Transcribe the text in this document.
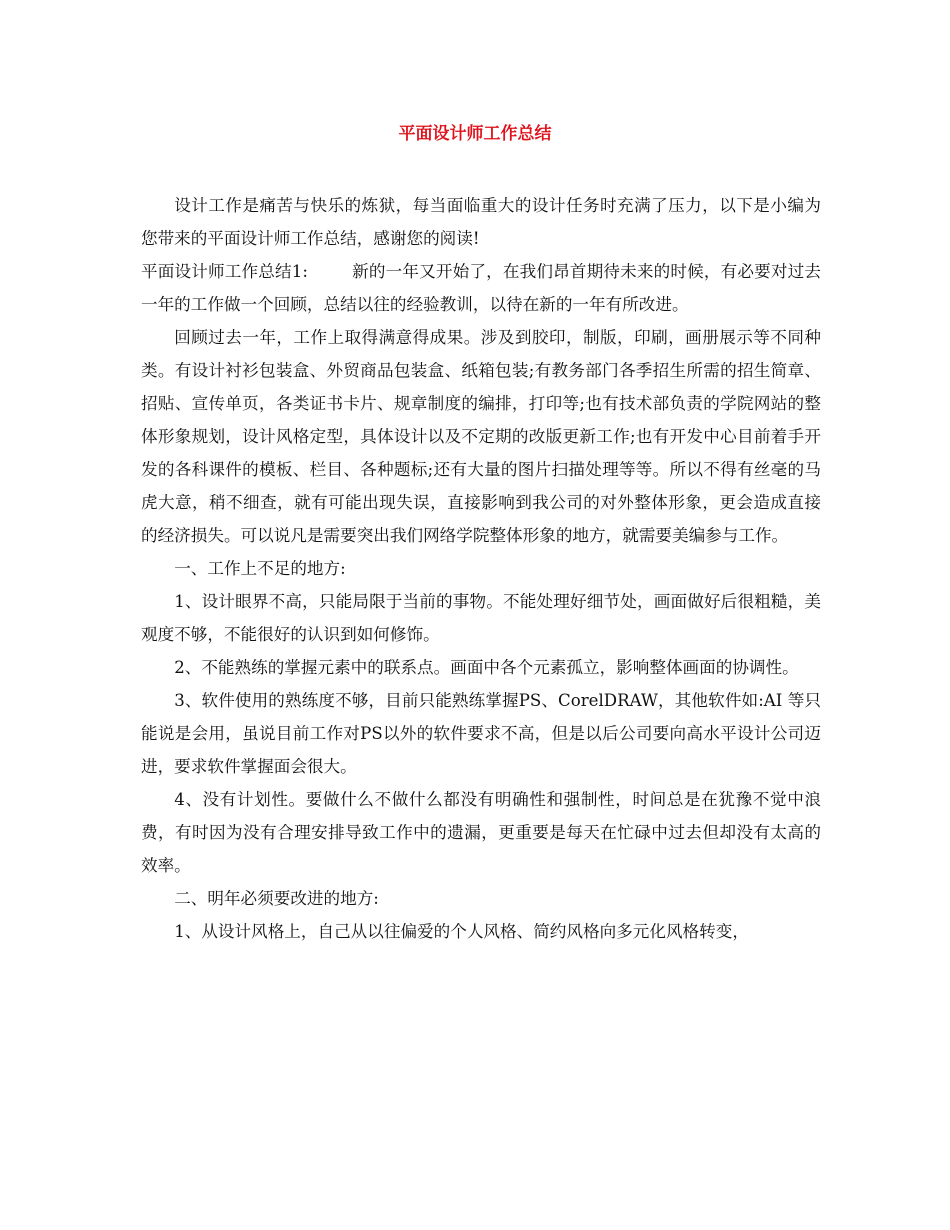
平面设计师工作总结

设计工作是痛苦与快乐的炼狱，每当面临重大的设计任务时充满了压力，以下是小编为您带来的平面设计师工作总结，感谢您的阅读!

平面设计师工作总结1:	新的一年又开始了，在我们昂首期待未来的时候，有必要对过去一年的工作做一个回顾，总结以往的经验教训，以待在新的一年有所改进。

回顾过去一年，工作上取得满意得成果。涉及到胶印，制版，印刷，画册展示等不同种类。有设计衬衫包装盒、外贸商品包装盒、纸箱包装;有教务部门各季招生所需的招生简章、招贴、宣传单页，各类证书卡片、规章制度的编排，打印等;也有技术部负责的学院网站的整体形象规划，设计风格定型，具体设计以及不定期的改版更新工作;也有开发中心目前着手开发的各科课件的模板、栏目、各种题标;还有大量的图片扫描处理等等。所以不得有丝毫的马虎大意，稍不细查，就有可能出现失误，直接影响到我公司的对外整体形象，更会造成直接的经济损失。可以说凡是需要突出我们网络学院整体形象的地方，就需要美编参与工作。

一、工作上不足的地方:

1、设计眼界不高，只能局限于当前的事物。不能处理好细节处，画面做好后很粗糙，美观度不够，不能很好的认识到如何修饰。

2、不能熟练的掌握元素中的联系点。画面中各个元素孤立，影响整体画面的协调性。

3、软件使用的熟练度不够，目前只能熟练掌握PS、CorelDRAW，其他软件如:AI 等只能说是会用，虽说目前工作对PS以外的软件要求不高，但是以后公司要向高水平设计公司迈进，要求软件掌握面会很大。

4、没有计划性。要做什么不做什么都没有明确性和强制性，时间总是在犹豫不觉中浪费，有时因为没有合理安排导致工作中的遗漏，更重要是每天在忙碌中过去但却没有太高的效率。

二、明年必须要改进的地方:

1、从设计风格上，自己从以往偏爱的个人风格、简约风格向多元化风格转变，
